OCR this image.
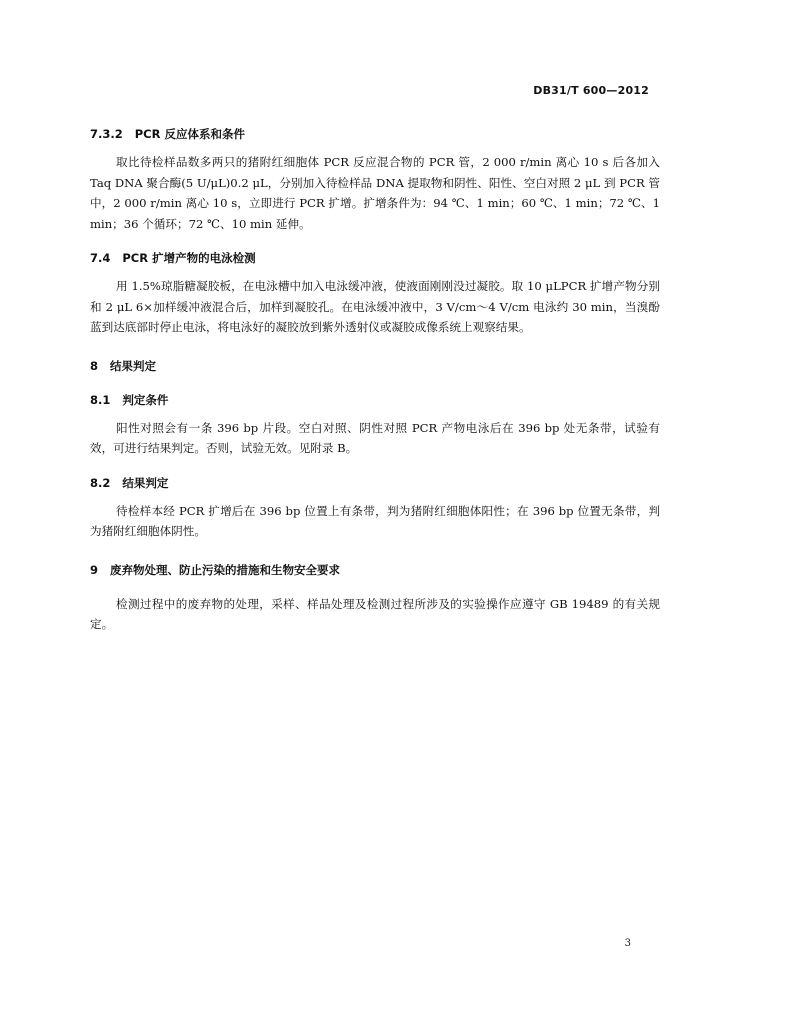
DB31/T 600—2012
7.3.2 PCR 反应体系和条件

取比待检样品数多两只的猪附红细胞体 PCR 反应混合物的 PCR 管，2 000 r/min 离心 10 s 后各加入 Taq DNA 聚合酶(5 U/μL)0.2 μL，分别加入待检样品 DNA 提取物和阴性、阳性、空白对照 2 μL 到 PCR 管中，2 000 r/min 离心 10 s，立即进行 PCR 扩增。扩增条件为：94 ℃、1 min；60 ℃、1 min；72 ℃、1 min；36 个循环；72 ℃、10 min 延伸。

7.4 PCR 扩增产物的电泳检测

用 1.5%琼脂糖凝胶板，在电泳槽中加入电泳缓冲液，使液面刚刚没过凝胶。取 10 μLPCR 扩增产物分别和 2 μL 6×加样缓冲液混合后，加样到凝胶孔。在电泳缓冲液中，3 V/cm～4 V/cm 电泳约 30 min，当溴酚蓝到达底部时停止电泳，将电泳好的凝胶放到紫外透射仪或凝胶成像系统上观察结果。

8 结果判定
8.1 判定条件

阳性对照会有一条 396 bp 片段。空白对照、阴性对照 PCR 产物电泳后在 396 bp 处无条带，试验有效，可进行结果判定。否则，试验无效。见附录 B。

8.2 结果判定

待检样本经 PCR 扩增后在 396 bp 位置上有条带，判为猪附红细胞体阳性；在 396 bp 位置无条带，判为猪附红细胞体阴性。

9 废弃物处理、防止污染的措施和生物安全要求

检测过程中的废弃物的处理，采样、样品处理及检测过程所涉及的实验操作应遵守 GB 19489 的有关规定。

3
